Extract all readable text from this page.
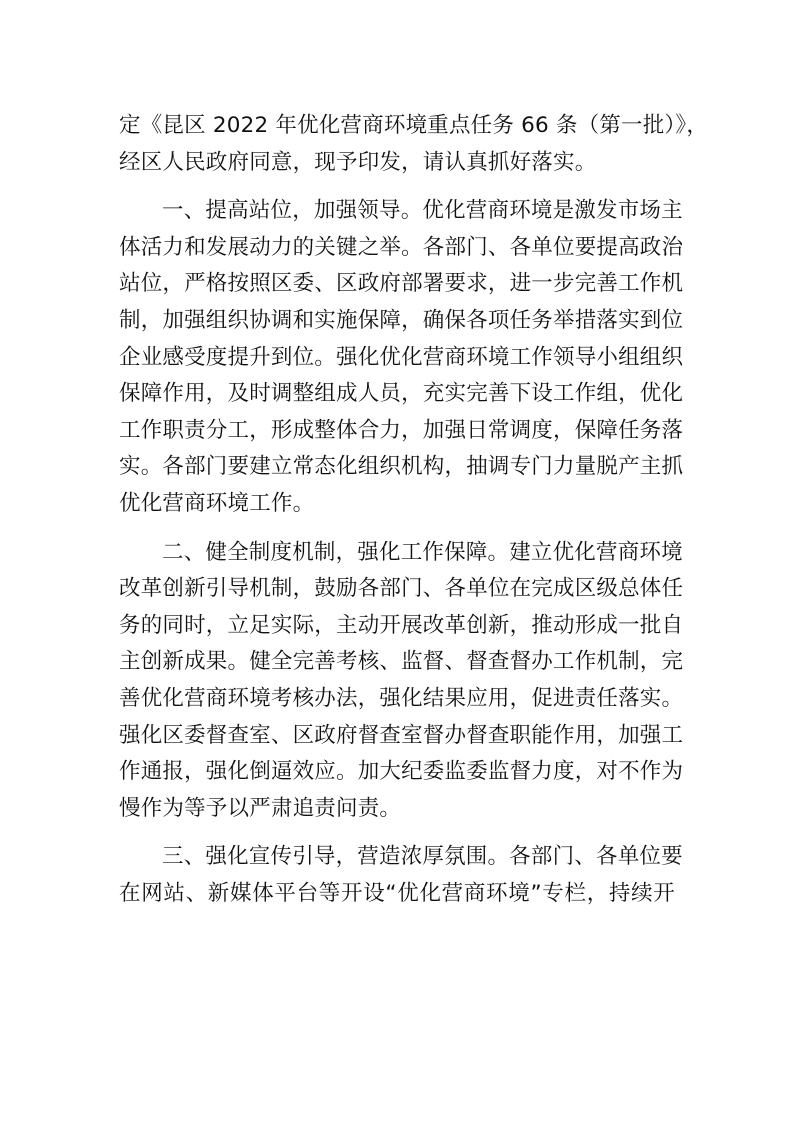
定《昆区 2022 年优化营商环境重点任务 66 条（第一批）》，
经区人民政府同意，现予印发，请认真抓好落实。
一、提高站位，加强领导。优化营商环境是激发市场主
体活力和发展动力的关键之举。各部门、各单位要提高政治
站位，严格按照区委、区政府部署要求，进一步完善工作机
制，加强组织协调和实施保障，确保各项任务举措落实到位
企业感受度提升到位。强化优化营商环境工作领导小组组织
保障作用，及时调整组成人员，充实完善下设工作组，优化
工作职责分工，形成整体合力，加强日常调度，保障任务落
实。各部门要建立常态化组织机构，抽调专门力量脱产主抓
优化营商环境工作。
二、健全制度机制，强化工作保障。建立优化营商环境
改革创新引导机制，鼓励各部门、各单位在完成区级总体任
务的同时，立足实际，主动开展改革创新，推动形成一批自
主创新成果。健全完善考核、监督、督查督办工作机制，完
善优化营商环境考核办法，强化结果应用，促进责任落实。
强化区委督查室、区政府督查室督办督查职能作用，加强工
作通报，强化倒逼效应。加大纪委监委监督力度，对不作为
慢作为等予以严肃追责问责。
三、强化宣传引导，营造浓厚氛围。各部门、各单位要
在网站、新媒体平台等开设“优化营商环境”专栏，持续开
